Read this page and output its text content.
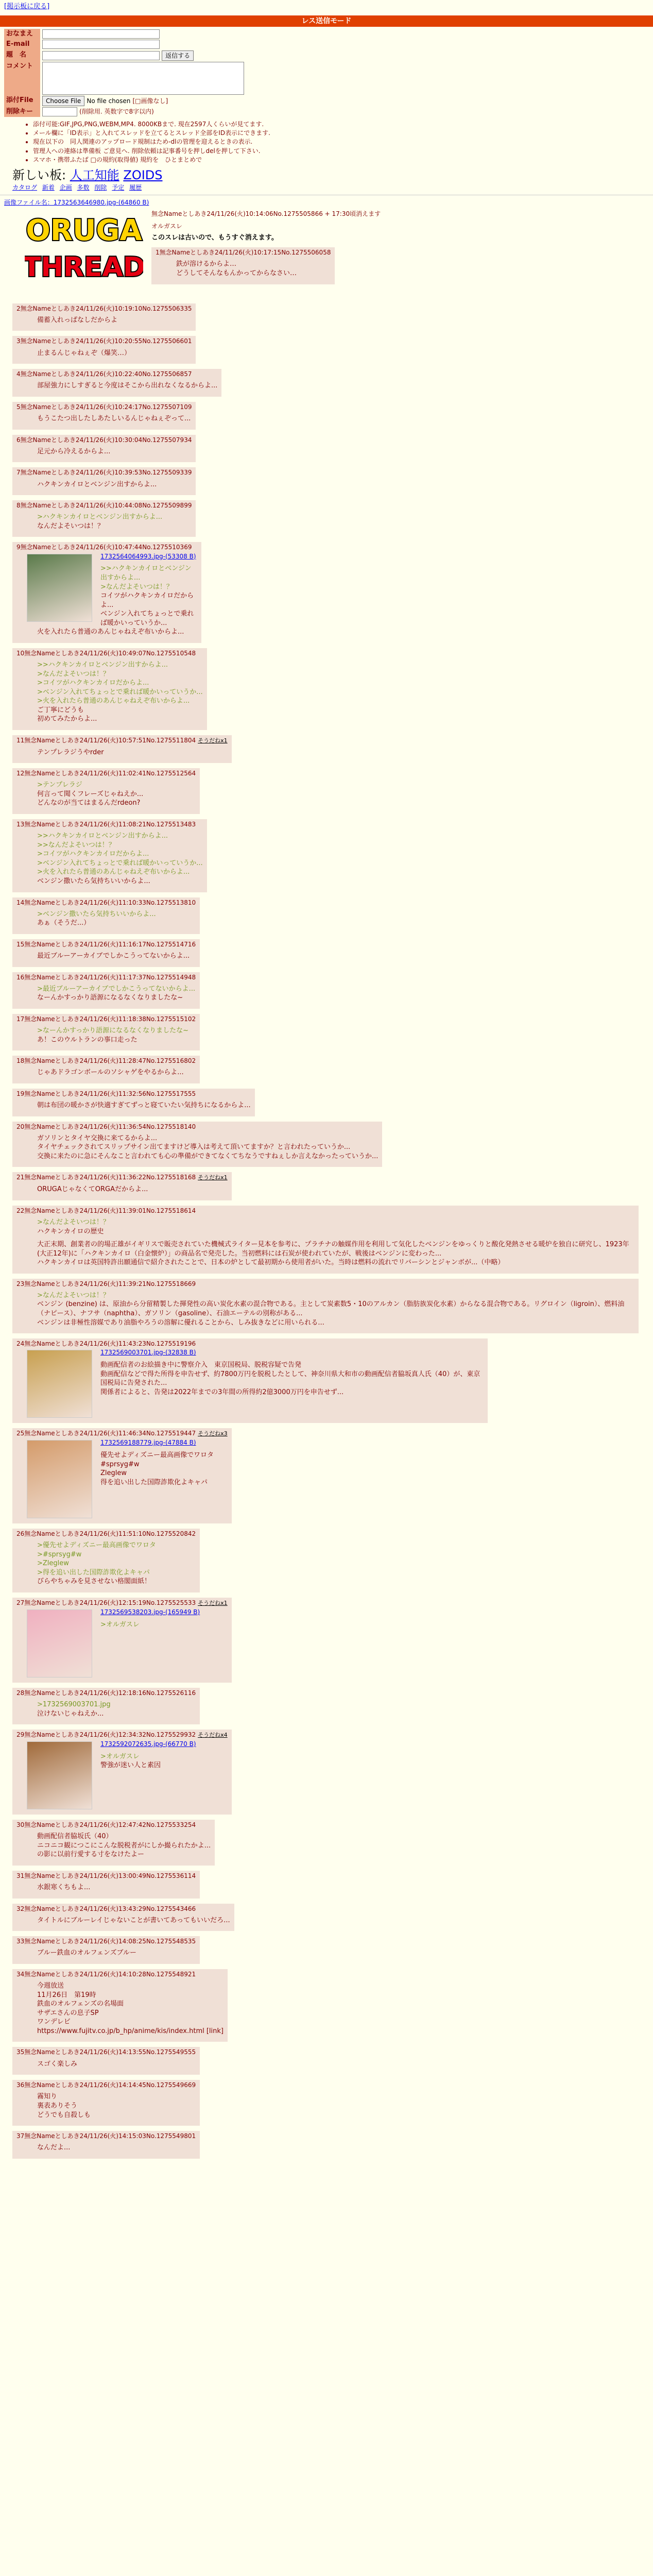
[掲示板に戻る]
レス送信モード
おなまえ	
E-mail	
題　名	返信する
コメント	

添付File	Choose File No file chosen [□画像なし]
削除キー	(削除用. 英数字で8字以内)
• 添付可能:GIF,JPG,PNG,WEBM,MP4. 8000KBまで. 現在2597人くらいが見てます.
• メール欄に「ID表示」と入れてスレッドを立てるとスレッド全部をID表示にできます.
• 現在以下の　同人関連のアップロード規制はため-dlの管理を迎えるときの表示.
• 管理人への連絡は準備板 ご意見へ. 削除依頼は記事番号を押しdelを押して下さい.
• スマホ・携帯ふたば □の規約(取得値) 規約を　ひとまとめで
新しい板: 人工知能 ZOIDS
カタログ 新着 企画 多数 削除 予定 履歴
画像ファイル名：1732563646980.jpg-(64860 B)
ORUGA
THREAD
無念Nameとしあき24/11/26(火)10:14:06No.1275505866 + 17:30頃消えます
オルガスレ
このスレは古いので、もうすぐ消えます。
1無念Nameとしあき24/11/26(火)10:17:15No.1275506058
鉄が溶けるからよ…
どうしてそんなもんかってからなさい…
2無念Nameとしあき24/11/26(火)10:19:10No.1275506335
備蓄入れっぱなしだからよ
3無念Nameとしあき24/11/26(火)10:20:55No.1275506601
止まるんじゃねぇぞ（爆笑…）
4無念Nameとしあき24/11/26(火)10:22:40No.1275506857
部屋強力にしすぎると今度はそこから出れなくなるからよ...
5無念Nameとしあき24/11/26(火)10:24:17No.1275507109
もうこたつ出したしあたしいるんじゃねぇぞって...
6無念Nameとしあき24/11/26(火)10:30:04No.1275507934
足元から冷えるからよ...
7無念Nameとしあき24/11/26(火)10:39:53No.1275509339
ハクキンカイロとベンジン出すからよ...
8無念Nameとしあき24/11/26(火)10:44:08No.1275509899
>ハクキンカイロとベンジン出すからよ...
なんだよそいつは！？
9無念Nameとしあき24/11/26(火)10:47:44No.1275510369
1732564064993.jpg-(53308 B)
>>ハクキンカイロとベンジン出すからよ...
>なんだよそいつは！？
コイツがハクキンカイロだからよ...
ベンジン入れてちょっとで乗れば暖かいっていうか...
火を入れたら普通のあんじゃねえぞ布いからよ...
10無念Nameとしあき24/11/26(火)10:49:07No.1275510548
>>ハクキンカイロとベンジン出すからよ...
>なんだよそいつは！？
>コイツがハクキンカイロだからよ...
>ベンジン入れてちょっとで乗れば暖かいっていうか...
>火を入れたら普通のあんじゃねえぞ布いからよ...
ご丁寧にどうも
初めてみたからよ...
11無念Nameとしあき24/11/26(火)10:57:51No.1275511804 そうだねx1
テンプレラジうやrder
12無念Nameとしあき24/11/26(火)11:02:41No.1275512564
>テンプレラジ
何言って聞くフレーズじゃねえか...
どんなのが当てはまるんだrdeon?
13無念Nameとしあき24/11/26(火)11:08:21No.1275513483
>>ハクキンカイロとベンジン出すからよ...
>>なんだよそいつは！？
>コイツがハクキンカイロだからよ...
>ベンジン入れてちょっとで乗れば暖かいっていうか...
>火を入れたら普通のあんじゃねえぞ布いからよ...
ベンジン撒いたら気持ちいいからよ...
14無念Nameとしあき24/11/26(火)11:10:33No.1275513810
>ベンジン撒いたら気持ちいいからよ...
あぁ（そうだ...）
15無念Nameとしあき24/11/26(火)11:16:17No.1275514716
最近ブルーアーカイブでしかこうってないからよ...
16無念Nameとしあき24/11/26(火)11:17:37No.1275514948
>最近ブルーアーカイブでしかこうってないからよ...
なーんかすっかり語源になるなくなりましたな~
17無念Nameとしあき24/11/26(火)11:18:38No.1275515102
>なーんかすっかり語源になるなくなりましたな~
あ！このウルトランの事口走った
18無念Nameとしあき24/11/26(火)11:28:47No.1275516802
じゃあドラゴンボールのソシャゲをやるからよ...
19無念Nameとしあき24/11/26(火)11:32:56No.1275517555
朝は布団の暖かさが快適すぎてずっと寝ていたい気持ちになるからよ...
20無念Nameとしあき24/11/26(火)11:36:54No.1275518140
ガソリンとタイヤ交換に来てるからよ...
タイヤチェックされてスリップサイン出てますけど導入は考えて頂いてますか？と言われたっていうか...
交換に来たのに急にそんなこと言われても心の準備ができてなくてちなうですねぇしか言えなかったっていうか...
21無念Nameとしあき24/11/26(火)11:36:22No.1275518168 そうだねx1
ORUGAじゃなくてORGAだからよ...
22無念Nameとしあき24/11/26(火)11:39:01No.1275518614
>なんだよそいつは！？
ハクキンカイロの歴史
大正末期、創業者の的場正雄がイギリスで販売されていた機械式ライター見本を参考に、プラチナの触媒作用を利用して気化したベンジンをゆっくりと酸化発熱させる暖炉を独自に研究し、1923年(大正12年)に「ハクキンカイロ（白金懐炉）」の商品名で発売した。当初燃料には石炭が使われていたが、戦後はベンジンに変わった...
ハクキンカイロは英国特許出願通信で紹介されたことで、日本の炉として最初期から使用者がいた。当時は燃料の流れでリバーシンとジャンボが...（中略）
23無念Nameとしあき24/11/26(火)11:39:21No.1275518669
>なんだよそいつは！？
ベンジン (benzine) は、原油から分留精製した揮発性の高い炭化水素の混合物である。主として炭素数5・10のアルカン（脂肪族炭化水素）からなる混合物である。リグロイン（ligroin）、燃料油（ナピース）、ナフサ（naphtha）、ガソリン（gasoline）、石油エーテルの別称がある...
ベンジンは非極性溶媒であり油脂やろうの溶解に優れることから、しみ抜きなどに用いられる...
24無念Nameとしあき24/11/26(火)11:43:23No.1275519196
1732569003701.jpg-(32838 B)
動画配信者のお絵描き中に警察介入　東京国税局、脱税容疑で告発
動画配信などで得た所得を申告せず、約7800万円を脱税したとして、神奈川県大和市の動画配信者脇坂真人氏（40）が、東京国税局に告発された...
関係者によると、告発は2022年までの3年間の所得約2億3000万円を申告せず...
25無念Nameとしあき24/11/26(火)11:46:34No.1275519447 そうだねx3
1732569188779.jpg-(47884 B)
優先せよディズニー最高画像でワロタ
#sprsyg#w
Zleglew
得を追い出した国際詐欺化よキャパ
26無念Nameとしあき24/11/26(火)11:51:10No.1275520842
>優先せよディズニー最高画像でワロタ
>#sprsyg#w
>Zleglew
>得を追い出した国際詐欺化よキャパ
びらやちゃみを見させない格閣面紙！
27無念Nameとしあき24/11/26(火)12:15:19No.1275525533 そうだねx1
1732569538203.jpg-(165949 B)
>オルガスレ
28無念Nameとしあき24/11/26(火)12:18:16No.1275526116
>1732569003701.jpg
泣けないじゃねえか...
29無念Nameとしあき24/11/26(火)12:34:32No.1275529932 そうだねx4
1732592072635.jpg-(66770 B)
>オルガスレ
警強が迷い人と素因
30無念Nameとしあき24/11/26(火)12:47:42No.1275533254
動画配信者脇坂氏（40）
ニコニコ観につこにこんな脱税者がにしか撮られたかよ...
の影に以前行愛する寸をなけたよー
31無念Nameとしあき24/11/26(火)13:00:49No.1275536114
水銀寒くちもよ...
32無念Nameとしあき24/11/26(火)13:43:29No.1275543466
タイトルにブルーレイじゃないことが書いてあってもいいだろ...
33無念Nameとしあき24/11/26(火)14:08:25No.1275548535
ブルー鉄血のオルフェンズブルー
34無念Nameとしあき24/11/26(火)14:10:28No.1275548921
今週放送
11月26日　第19時
鉄血のオルフェンズの名場面
サザエさんの息子SP
ワンデレビ
https://www.fujitv.co.jp/b_hp/anime/kis/index.html [link]
35無念Nameとしあき24/11/26(火)14:13:55No.1275549555
スゴく楽しみ
36無念Nameとしあき24/11/26(火)14:14:45No.1275549669
霧知り
裏表ありそう
どうでも自殺しも
37無念Nameとしあき24/11/26(火)14:15:03No.1275549801
なんだよ...
